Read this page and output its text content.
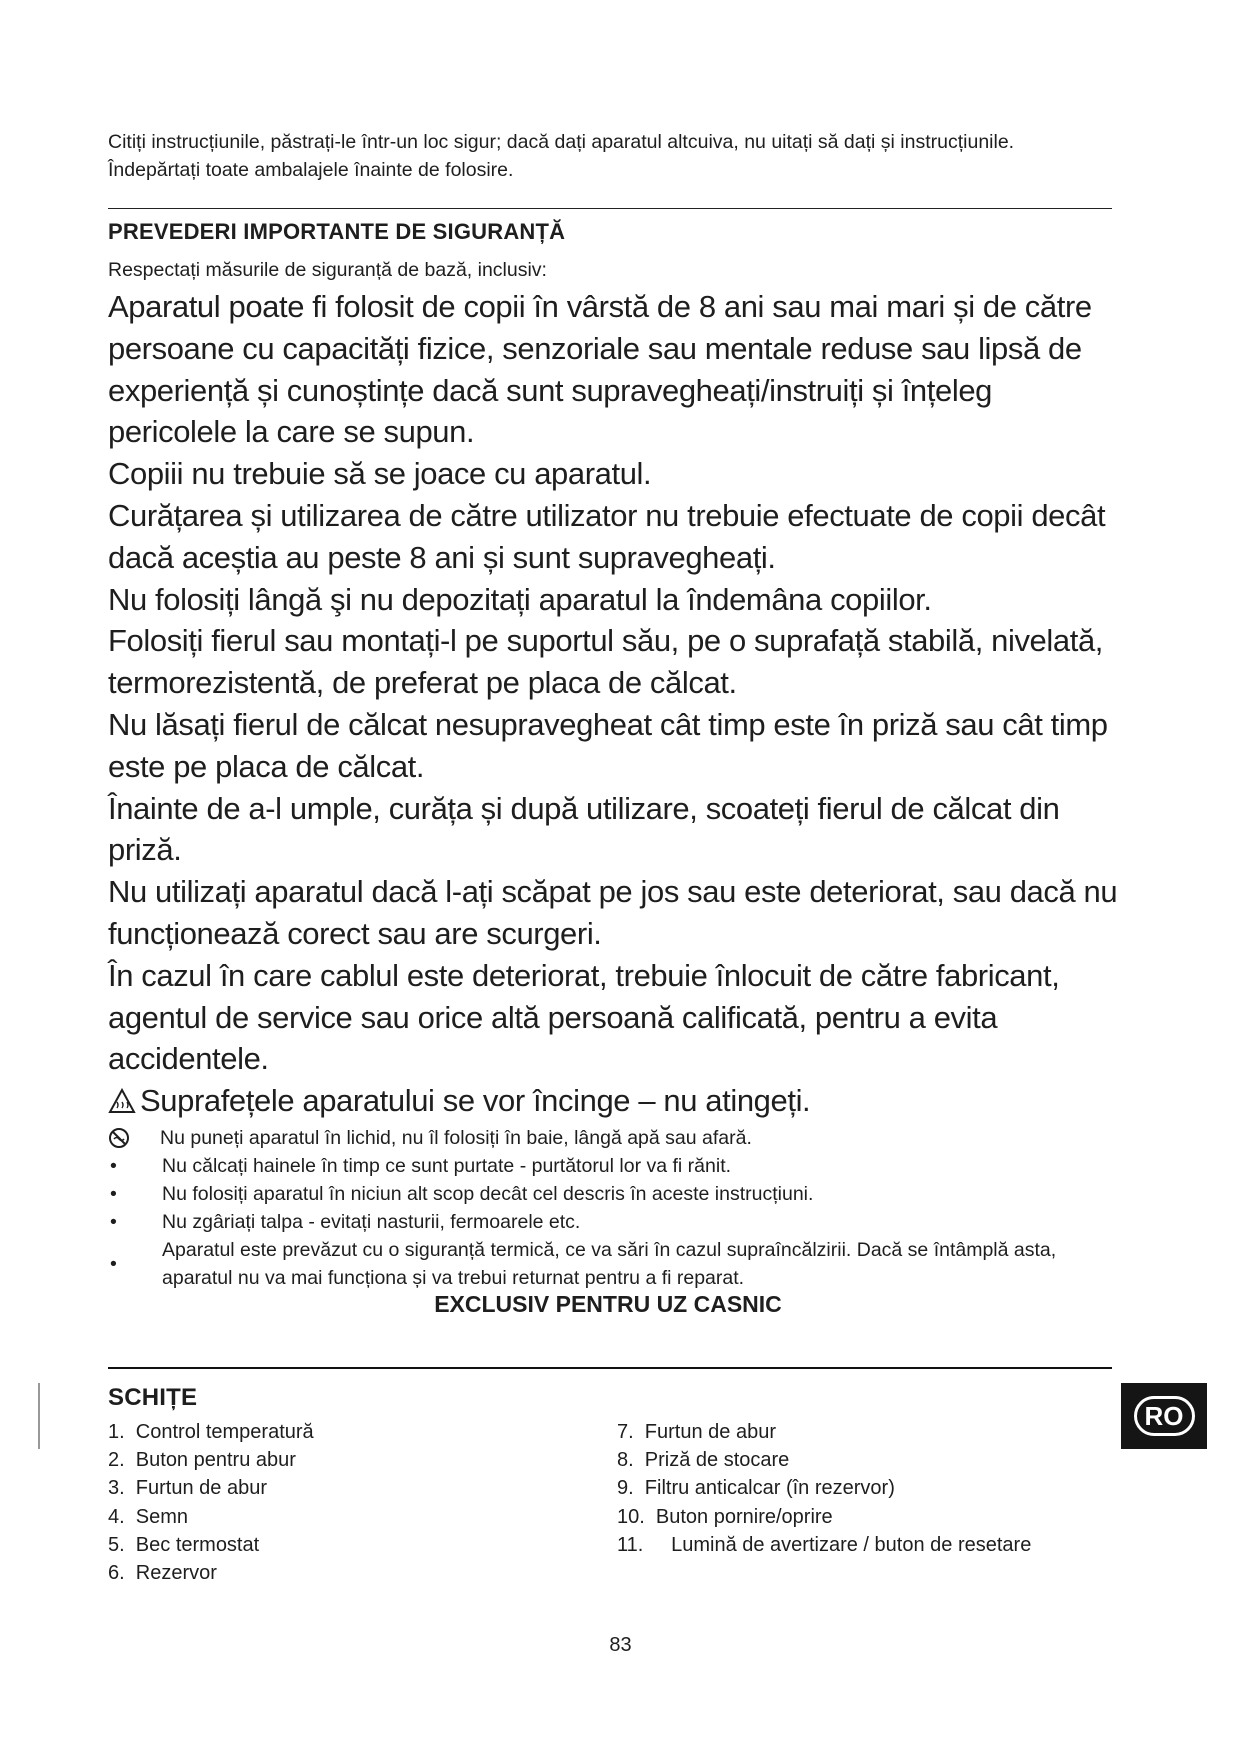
Citiți instrucțiunile, păstrați-le într-un loc sigur; dacă dați aparatul altcuiva, nu uitați să dați și instrucțiunile.
Îndepărtați toate ambalajele înainte de folosire.
PREVEDERI IMPORTANTE DE SIGURANȚĂ
Respectați măsurile de siguranță de bază, inclusiv:

Aparatul poate fi folosit de copii în vârstă de 8 ani sau mai mari și de către persoane cu capacități fizice, senzoriale sau mentale reduse sau lipsă de experiență și cunoștințe dacă sunt supravegheați/instruiți și înțeleg pericolele la care se supun.

Copiii nu trebuie să se joace cu aparatul.

Curățarea și utilizarea de către utilizator nu trebuie efectuate de copii decât dacă aceștia au peste 8 ani și sunt supravegheați.

Nu folosiți lângă şi nu depozitați aparatul la îndemâna copiilor.

Folosiți fierul sau montați-l pe suportul său, pe o suprafață stabilă, nivelată, termorezistentă, de preferat pe placa de călcat.

Nu lăsați fierul de călcat nesupravegheat cât timp este în priză sau cât timp este pe placa de călcat.

Înainte de a-l umple, curăța și după utilizare, scoateți fierul de călcat din priză.

Nu utilizați aparatul dacă l-ați scăpat pe jos sau este deteriorat, sau dacă nu funcționează corect sau are scurgeri.

În cazul în care cablul este deteriorat, trebuie înlocuit de către fabricant, agentul de service sau orice altă persoană calificată, pentru a evita accidentele.

Suprafețele aparatului se vor încinge – nu atingeți.

Nu puneți aparatul în lichid, nu îl folosiți în baie, lângă apă sau afară.
•	Nu călcați hainele în timp ce sunt purtate - purtătorul lor va fi rănit.
•	Nu folosiți aparatul în niciun alt scop decât cel descris în aceste instrucțiuni.
•	Nu zgâriați talpa - evitați nasturii, fermoarele etc.
•
Aparatul este prevăzut cu o siguranță termică, ce va sări în cazul supraîncălzirii. Dacă se întâmplă asta, aparatul nu va mai funcționa și va trebui returnat pentru a fi reparat.
EXCLUSIV PENTRU UZ CASNIC
SCHIȚE
1.  Control temperatură
2.  Buton pentru abur
3.  Furtun de abur
4.  Semn
5.  Bec termostat
6.  Rezervor
7.  Furtun de abur
8.  Priză de stocare
9.  Filtru anticalcar (în rezervor)
10.  Buton pornire/oprire
11.     Lumină de avertizare / buton de resetare
RO
83
